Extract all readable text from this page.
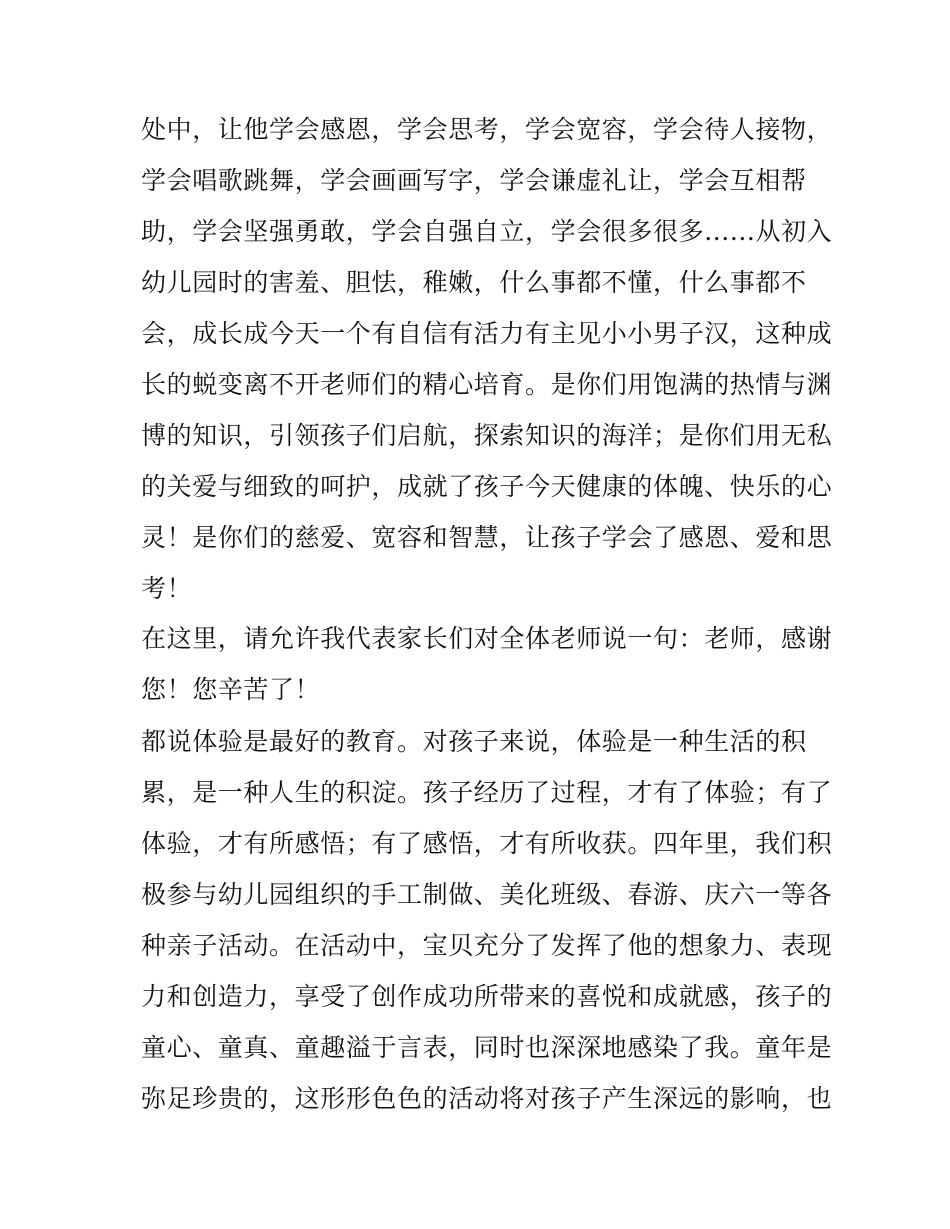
处中，让他学会感恩，学会思考，学会宽容，学会待人接物，
学会唱歌跳舞，学会画画写字，学会谦虚礼让，学会互相帮
助，学会坚强勇敢，学会自强自立，学会很多很多......从初入
幼儿园时的害羞、胆怯，稚嫩，什么事都不懂，什么事都不
会，成长成今天一个有自信有活力有主见小小男子汉，这种成
长的蜕变离不开老师们的精心培育。是你们用饱满的热情与渊
博的知识，引领孩子们启航，探索知识的海洋；是你们用无私
的关爱与细致的呵护，成就了孩子今天健康的体魄、快乐的心
灵！是你们的慈爱、宽容和智慧，让孩子学会了感恩、爱和思
考！
在这里，请允许我代表家长们对全体老师说一句：老师，感谢
您！您辛苦了！
都说体验是最好的教育。对孩子来说，体验是一种生活的积
累，是一种人生的积淀。孩子经历了过程，才有了体验；有了
体验，才有所感悟；有了感悟，才有所收获。四年里，我们积
极参与幼儿园组织的手工制做、美化班级、春游、庆六一等各
种亲子活动。在活动中，宝贝充分了发挥了他的想象力、表现
力和创造力，享受了创作成功所带来的喜悦和成就感，孩子的
童心、童真、童趣溢于言表，同时也深深地感染了我。童年是
弥足珍贵的，这形形色色的活动将对孩子产生深远的影响，也
